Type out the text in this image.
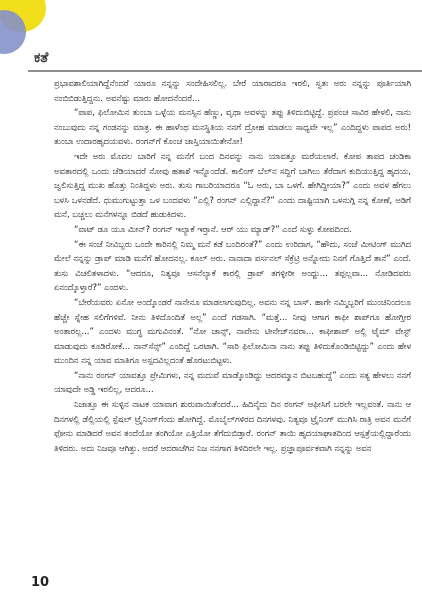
ಕತೆ

ಪ್ರಭಾವಶಾಲಿಯಾಗಿದ್ದೆನೆಂದರೆ ಯಾರೂ ನನ್ನನ್ನು ಸಂದೇಹಿಸಲಿಲ್ಲ. ಬೇರೆ ಯಾರಾದರೂ ಇರಲಿ, ಸ್ವತಃ ಅರು ನನ್ನನ್ನು ಪೂರ್ತಿಯಾಗಿ ನಂಬಿಬಿಡುತ್ತಿದ್ದನು. ಅವನೆಷ್ಟು ಮಾರು ಹೋದನೆಂದರೆ...

“ಪಾಪ, ಫಿಲೋಮಿನ ತುಂಬಾ ಒಳ್ಳೆಯ ಮನಸ್ಸಿನ ಹೆಣ್ಣು, ವೃಥಾ ಅವಳನ್ನು ತಪ್ಪು ತಿಳಿದುಬಿಟ್ಟಿದ್ದೆ. ಪ್ರಪಂಚ ಸಾವಿರ ಹೇಳಲಿ, ನಾನು ನಂಬುವುದು ನನ್ನ ಗಂಡನನ್ನು ಮಾತ್ರ. ಈ ಹಾಳೆಂಥ ಮನಸ್ಥಿತಿಯ ನನಗೆ ದ್ರೋಹ ಮಾಡಲು ಸಾಧ್ಯವೇ ಇಲ್ಲ” ಎಂದಿದ್ದಳು ಪಾಪದ ಅರು! ತುಂಬಾ ಉದಾರಹೃದಯವಳು. ರಂಗನ್‌ಗೆ ಕೊಂಚ ಜಾಸ್ತಿಯಾಯಿತೇನೋ!

ಇದೇ ಅರು ಮೊದಲ ಬಾರಿಗೆ ನನ್ನ ಮನೆಗೆ ಬಂದ ದಿನವನ್ನು ನಾನು ಯಾವತ್ತೂ ಮರೆಯಲಾರೆ. ಕೋಪ ತಾಪದ ಚಂಡಿಕಾ ಅವತಾರದಲ್ಲಿ ಒಂದು ಚೆಡಿಯಾದರೆ ನೋವು ಹತಾಶೆ ಇನ್ನೊಂದೆಡೆ. ಕಾಲಿಂಗ್ ಬೆಲ್‌ನ ಸದ್ದಿಗೆ ಬಾಗಿಲು ತೆರೆದಾಗ ಕುದಿಯುತ್ತಿದ್ದ ಹೃದಯ, ಜ್ವಲಿಸುತ್ತಿದ್ದ ಮುಖ ಹೊತ್ತು ನಿಂತಿದ್ದಳು ಅರು. ತುಸು ಗಾಬರಿಯಾದರೂ “ಓ ಅರು, ಬಾ ಒಳಗೆ. ಹೇಗಿದ್ದೀಯಾ?” ಎಂದು ಅವಳ ಹೆಗಲು ಬಳಸಿ ಒಳನಡೆದೆ. ಧುಮುಗುಟ್ಟುತ್ತಾ ಒಳ ಬಂದವಳು “ಎಲ್ಲಿ? ರಂಗನ್ ಎಲ್ಲಿದ್ದಾನೆ?” ಎಂದು ದಾಷ್ಟಿಯಾಗಿ ಒಳನುಗ್ಗಿ ನನ್ನ ಕೋಣೆ, ಅಡಿಗೆ ಮನೆ, ಬಚ್ಚಲು ಮನೆಗಳನ್ನೂ ಬಿಡದೆ ಹುಡುಕಿದಳು.

“ವಾಟ್ ಡೂ ಯೂ ಮೀನ್? ರಂಗನ್ ಇಲ್ಯಾಕೆ ಇರ್‍ತಾನೆ. ಆರ್ ಯು ಮ್ಯಾಡ್?” ಎಂದೆ ಸುಳ್ಳು ಕೋಪದಿಂದ.

“ಈ ಸಂಜೆ ನೀವಿಬ್ಬರು ಒಂದೇ ಕಾರಿನಲ್ಲಿ ನಿಮ್ಮ ಮನೆ ಕಡೆ ಬಂದಿರಂತೆ?” ಎಂದು ಉರಿದಾಗ, “ಹೌದು, ಸಂಜೆ ಮೀಟಿಂಗ್ ಮುಗಿದ ಮೇಲೆ ನನ್ನನ್ನು ಡ್ರಾಪ್ ಮಾಡಿ ಮನೆಗೆ ಹೋದನಲ್ಲ. ಕೂಲ್ ಅರು. ನಾನಾದಾ ಪರ್ಸನಲ್ ಸೆಕ್ರೆಟ್ರಿ ಅನ್ನೋದು ನಿನಗೆ ಗೊತ್ತಿದೆ ತಾನೆ” ಎಂದೆ. ತುಸು ವಿಚಲಿತಳಾದಳು. “ಆದರೂ, ನಿತ್ಯವೂ ಆಸನೆಲ್ಯಾಕೆ ಕಾರಲ್ಲಿ ಡ್ರಾಪ್ ತಗಳ್ಳೀರೀ ಅಂಥ್ದು... ತಪ್ಪಲ್ಲವಾ... ನೋಡಿದವರು ಏನಂದ್ಕೊಳ್ತಾರೆ?” ಎಂದಳು.

“ಬೇರೆಯವರು ಏನೋ ಅಂದ್ಕೊಂಡರೆ ನಾನೇನೂ ಮಾಡಲಾಗುವುದಿಲ್ಲ. ಅವನು ನನ್ನ ಬಾಸ್. ಹಾಗೇ ನಮ್ಮಿಬ್ಬರಿಗೆ ಮುಂಚಿನಿಂದಲೂ ಹೆಚ್ಚೇ ಸ್ನೇಹ ಸಲಿಗೆಗಳಿವೆ. ನೀನು ತಿಳಿದೊಂದಿತೆ ಅಲ್ಲ” ಎಂದೆ ಗಡಸಾಗಿ. “ಮತ್ತೆ... ನೀವು ಆಗಾಗ ಕಾಫೀ ಶಾಪ್‌ಗೂ ಹೋಗ್ತೀರ ಅಂತಾರಲ್ಲ...” ಎಂದಳು ಮುಗ್ಧ ಮಗುವಿನಂತೆ. “ನೋ ಚಾನ್ಸ್, ನಾವೇನು ಟೀನೇಜ್‌ನವರಾ... ಕಾಫೀಶಾಪ್ ಅಲ್ಲಿ ಟೈಮ್ ವೇಸ್ಟ್ ಮಾಡುವುದು ಕೂಡಿರೋಕೆ... ನಾನ್‌ಸೆನ್ಸ್” ಎಂದಿದ್ದೆ ಒರಟಾಗಿ. “ಸಾರಿ ಫಿಲೋಮಿನಾ ನಾನು ತಪ್ಪು ತಿಳಿದುಕೊಂಡಿಬಿಟ್ಟಿದ್ದು” ಎಂದು ಹೇಳ ಮುಂದಿನ ನನ್ನ ಯಾವ ಮಾತಿಗೂ ಅಸ್ಪದವಿಲ್ಲದಂತೆ ಹೊರಟುಬಿಟ್ಟಳು.

“ನಾನು ರಂಗನ್ ಯಾವತ್ತೂ ಪ್ರೇಮಿಗಳು, ನನ್ನ ಮದುವೆ ಮಾಡ್ಕೊಂಡಿದ್ದು ಆದರಮ್ಮಾನ ಬಿಟಬಹುದ್ದೆ” ಎಂದು ಸತ್ಯ ಹೇಳಲು ನನಗೆ ಯಾವುದೇ ಅಡ್ಡಿ ಇರಲಿಲ್ಲ, ಆದರೂ...

ನಿಜಾತ್ತೂ ಈ ಸುಳ್ಳಿನ ನಾಟಕ ಯಾವಾಗ ಶುರುವಾಯಿತೆಂದರೆ... ಹಿದಿನೈದು ದಿನ ರಂಗನ್ ಆಫೀಸಿಗೆ ಬರಲೇ ಇಲ್ಲವಂತೆ. ನಾನು ಆ ದಿನಗಳಲ್ಲಿ ಡೆಲ್ಲಿಯಲ್ಲಿ ಸ್ಪೆಷಲ್ ಟ್ರೈನಿಂಗ್‌ಗೆಂದು ಹೋಗಿದ್ದೆ. ಮೊಬೈಲ್‌ಗಳಿರದ ದಿನಗಳವು. ನಿತ್ಯವೂ ಟ್ರೈನಿಂಗ್ ಮುಗಿಸಿ ರಾತ್ರಿ ಅವನ ಮನೆಗೆ ಫೋನು ಮಾಡಿದರೆ ಅವನ ತಂದೆಯೋ ತಂಗಿಯೋ ಎತ್ತಿಯೋ ತೆಗೆದುಬಿಡ್ತಾರೆ. ರಂಗನ್ ತಾಯಿ ಹೃದಯಾಘಾತದಿಂದ ಆಸ್ಪತ್ರೆಯಲ್ಲಿದ್ದಾರೆಂದು ತಿಳಿದರು. ಅದು ನಿಜವೂ ಆಗಿತ್ತು. ಅದರೆ ಆದರಾಚೆಗಿನ ನಿಜ ನನಗಾಗ ತಿಳಿದಿರಲೇ ಇಲ್ಲ. ಪ್ರಜ್ಞಾಪೂರ್ವಕವಾಗಿ ನನ್ನನ್ನು ಅವನ

10
